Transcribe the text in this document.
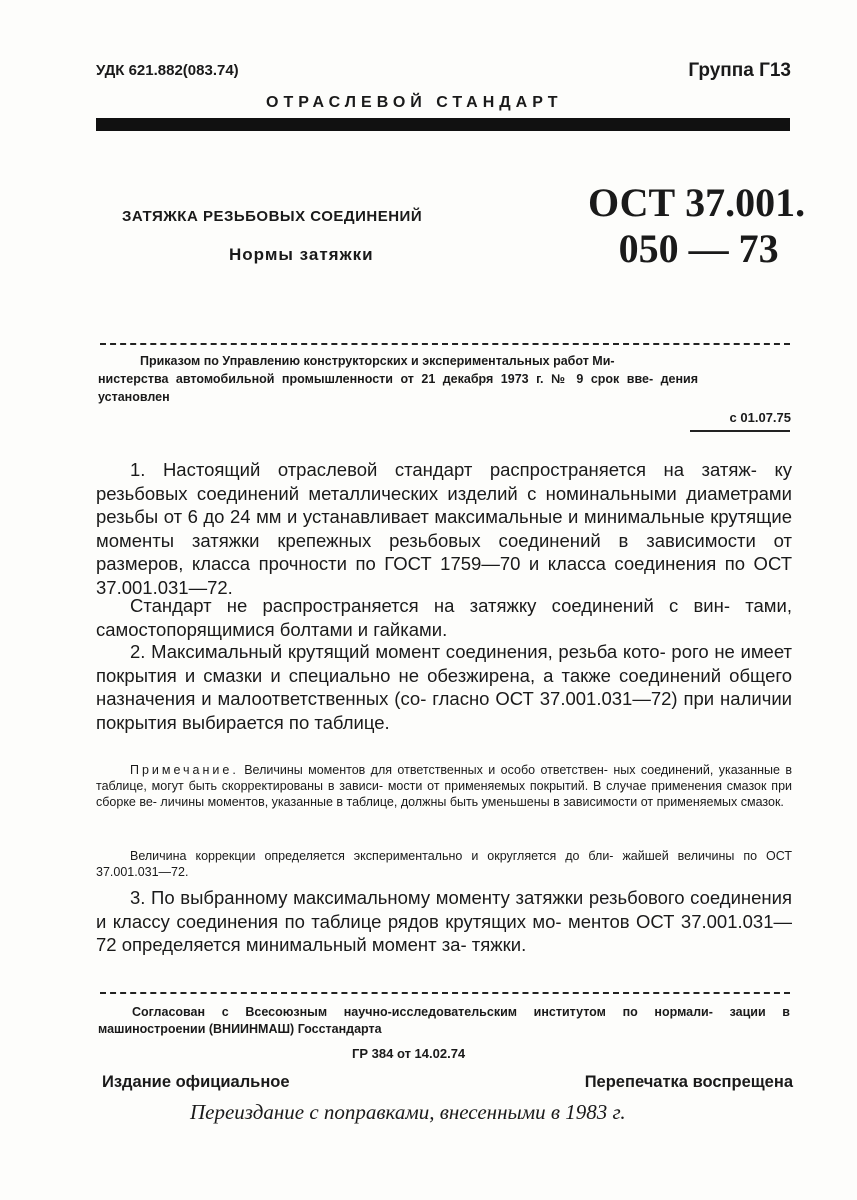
УДК 621.882(083.74)	Группа Г13
ОТРАСЛЕВОЙ СТАНДАРТ
ЗАТЯЖКА РЕЗЬБОВЫХ СОЕДИНЕНИЙ
Нормы затяжки
ОСТ 37.001.
050 — 73
Приказом по Управлению конструкторских и экспериментальных работ Ми-
нистерства автомобильной промышленности от 21 декабря 1973 г. № 9 срок вве- дения установлен
с 01.07.75

1. Настоящий отраслевой стандарт распространяется на затяж- ку резьбовых соединений металлических изделий с номинальными диаметрами резьбы от 6 до 24 мм и устанавливает максимальные и минимальные крутящие моменты затяжки крепежных резьбовых соединений в зависимости от размеров, класса прочности по ГОСТ 1759—70 и класса соединения по ОСТ 37.001.031—72.

Стандарт не распространяется на затяжку соединений с вин- тами, самостопорящимися болтами и гайками.

2. Максимальный крутящий момент соединения, резьба кото- рого не имеет покрытия и смазки и специально не обезжирена, а также соединений общего назначения и малоответственных (со- гласно ОСТ 37.001.031—72) при наличии покрытия выбирается по таблице.

Примечание. Величины моментов для ответственных и особо ответствен- ных соединений, указанные в таблице, могут быть скорректированы в зависи- мости от применяемых покрытий. В случае применения смазок при сборке ве- личины моментов, указанные в таблице, должны быть уменьшены в зависимости от применяемых смазок.

Величина коррекции определяется экспериментально и округляется до бли- жайшей величины по ОСТ 37.001.031—72.

3. По выбранному максимальному моменту затяжки резьбового соединения и классу соединения по таблице рядов крутящих мо- ментов ОСТ 37.001.031—72 определяется минимальный момент за- тяжки.

Согласован с Всесоюзным научно-исследовательским институтом по нормали- зации в машиностроении (ВНИИНМАШ) Госстандарта

ГР 384 от 14.02.74
Издание официальное	Перепечатка воспрещена
Переиздание с поправками, внесенными в 1983 г.
